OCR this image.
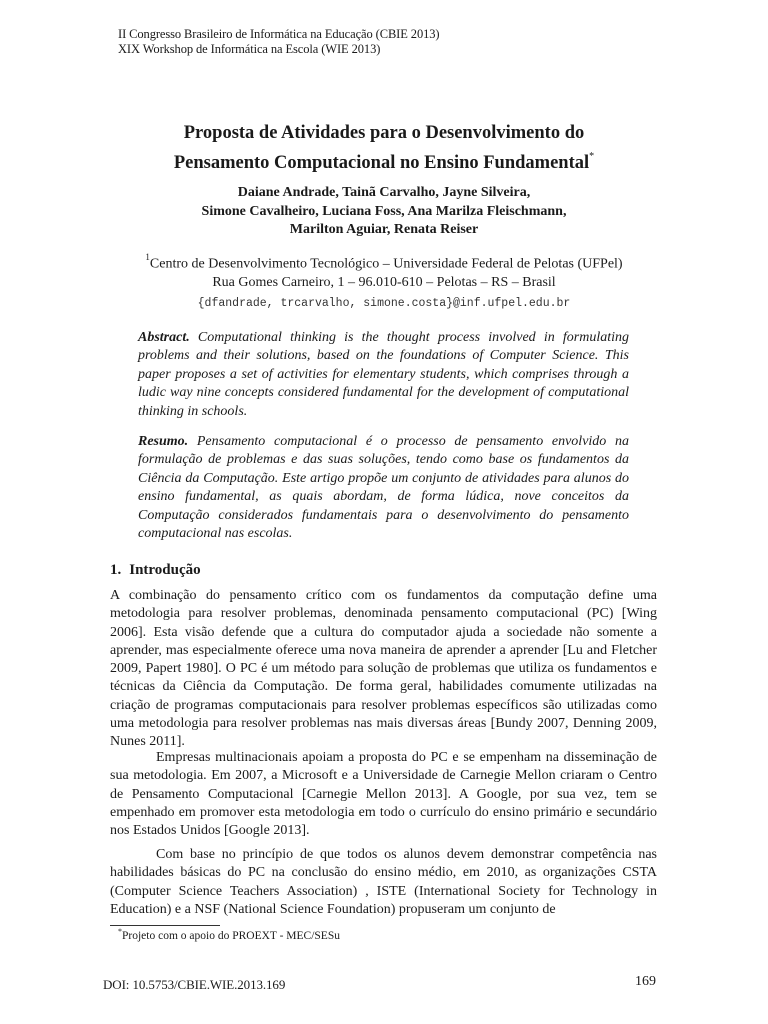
II Congresso Brasileiro de Informática na Educação (CBIE 2013)
XIX Workshop de Informática na Escola (WIE 2013)
Proposta de Atividades para o Desenvolvimento do
Pensamento Computacional no Ensino Fundamental*
Daiane Andrade, Tainã Carvalho, Jayne Silveira,
Simone Cavalheiro, Luciana Foss, Ana Marilza Fleischmann,
Marilton Aguiar, Renata Reiser
$^1$Centro de Desenvolvimento Tecnológico – Universidade Federal de Pelotas (UFPel)
Rua Gomes Carneiro, 1 – 96.010-610 – Pelotas – RS – Brasil
{dfandrade, trcarvalho, simone.costa}@inf.ufpel.edu.br
Abstract. Computational thinking is the thought process involved in formulating problems and their solutions, based on the foundations of Computer Science. This paper proposes a set of activities for elementary students, which comprises through a ludic way nine concepts considered fundamental for the development of computational thinking in schools.
Resumo. Pensamento computacional é o processo de pensamento envolvido na formulação de problemas e das suas soluções, tendo como base os fundamentos da Ciência da Computação. Este artigo propõe um conjunto de atividades para alunos do ensino fundamental, as quais abordam, de forma lúdica, nove conceitos da Computação considerados fundamentais para o desenvolvimento do pensamento computacional nas escolas.
1. Introdução
A combinação do pensamento crítico com os fundamentos da computação define uma metodologia para resolver problemas, denominada pensamento computacional (PC) [Wing 2006]. Esta visão defende que a cultura do computador ajuda a sociedade não somente a aprender, mas especialmente oferece uma nova maneira de aprender a aprender [Lu and Fletcher 2009, Papert 1980]. O PC é um método para solução de problemas que utiliza os fundamentos e técnicas da Ciência da Computação. De forma geral, habilidades comumente utilizadas na criação de programas computacionais para resolver problemas específicos são utilizadas como uma metodologia para resolver problemas nas mais diversas áreas [Bundy 2007, Denning 2009, Nunes 2011].
Empresas multinacionais apoiam a proposta do PC e se empenham na disseminação de sua metodologia. Em 2007, a Microsoft e a Universidade de Carnegie Mellon criaram o Centro de Pensamento Computacional [Carnegie Mellon 2013]. A Google, por sua vez, tem se empenhado em promover esta metodologia em todo o currículo do ensino primário e secundário nos Estados Unidos [Google 2013].
Com base no princípio de que todos os alunos devem demonstrar competência nas habilidades básicas do PC na conclusão do ensino médio, em 2010, as organizações CSTA (Computer Science Teachers Association) , ISTE (International Society for Technology in Education) e a NSF (National Science Foundation) propuseram um conjunto de
*Projeto com o apoio do PROEXT - MEC/SESu
DOI: 10.5753/CBIE.WIE.2013.169	169
